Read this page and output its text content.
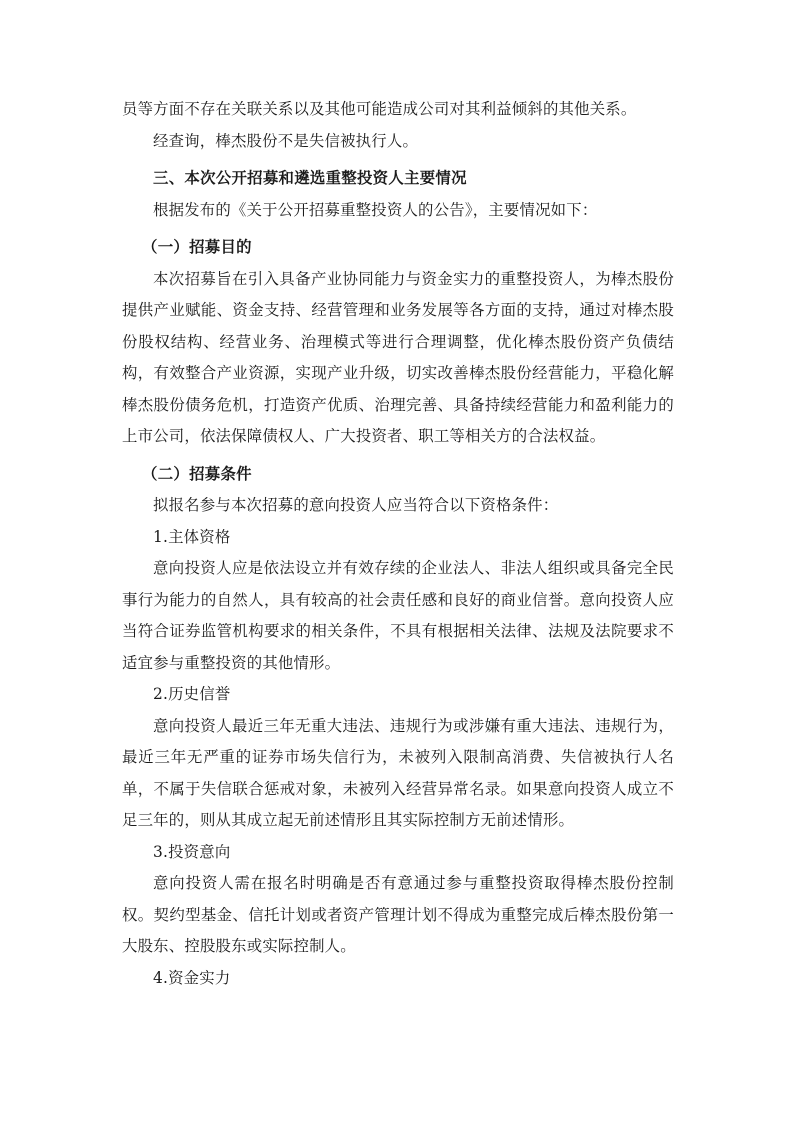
员等方面不存在关联关系以及其他可能造成公司对其利益倾斜的其他关系。

经查询，棒杰股份不是失信被执行人。

三、本次公开招募和遴选重整投资人主要情况

根据发布的《关于公开招募重整投资人的公告》，主要情况如下：

（一）招募目的

本次招募旨在引入具备产业协同能力与资金实力的重整投资人，为棒杰股份提供产业赋能、资金支持、经营管理和业务发展等各方面的支持，通过对棒杰股份股权结构、经营业务、治理模式等进行合理调整，优化棒杰股份资产负债结构，有效整合产业资源，实现产业升级，切实改善棒杰股份经营能力，平稳化解棒杰股份债务危机，打造资产优质、治理完善、具备持续经营能力和盈利能力的上市公司，依法保障债权人、广大投资者、职工等相关方的合法权益。

（二）招募条件

拟报名参与本次招募的意向投资人应当符合以下资格条件：

1.主体资格

意向投资人应是依法设立并有效存续的企业法人、非法人组织或具备完全民事行为能力的自然人，具有较高的社会责任感和良好的商业信誉。意向投资人应当符合证券监管机构要求的相关条件，不具有根据相关法律、法规及法院要求不适宜参与重整投资的其他情形。

2.历史信誉

意向投资人最近三年无重大违法、违规行为或涉嫌有重大违法、违规行为，最近三年无严重的证券市场失信行为，未被列入限制高消费、失信被执行人名单，不属于失信联合惩戒对象，未被列入经营异常名录。如果意向投资人成立不足三年的，则从其成立起无前述情形且其实际控制方无前述情形。

3.投资意向

意向投资人需在报名时明确是否有意通过参与重整投资取得棒杰股份控制权。契约型基金、信托计划或者资产管理计划不得成为重整完成后棒杰股份第一大股东、控股股东或实际控制人。

4.资金实力
